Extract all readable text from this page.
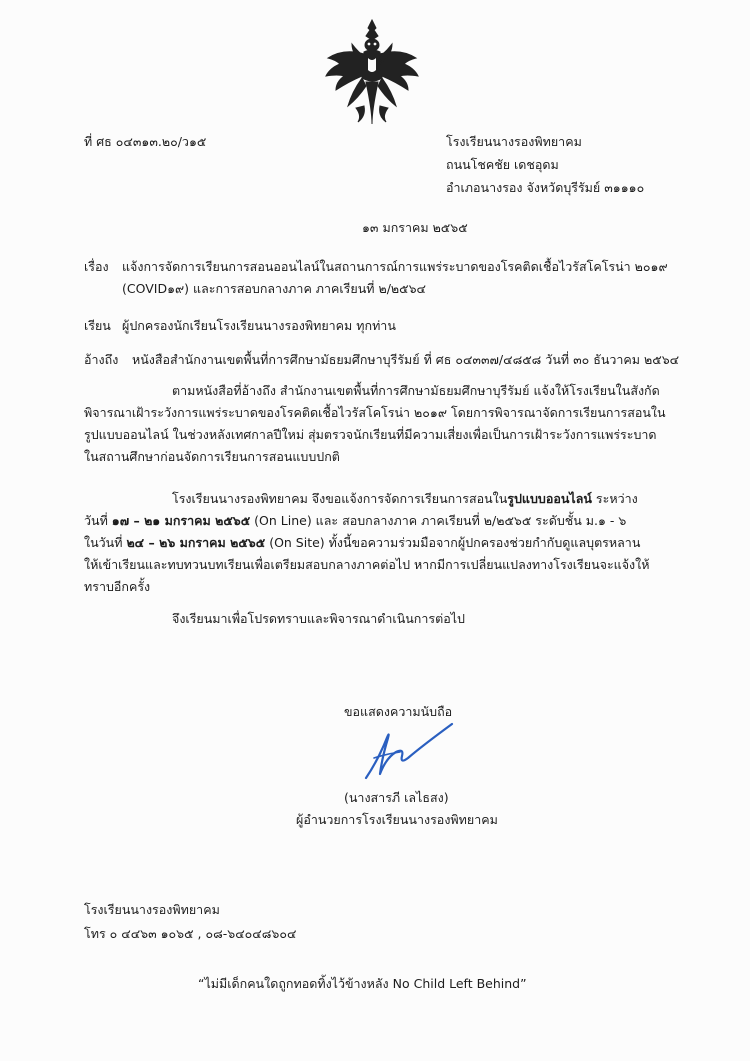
ที่ ศธ ๐๔๓๑๓.๒๐/ว๑๕	โรงเรียนนางรองพิทยาคม
ถนนโชคชัย เดชอุดม
อำเภอนางรอง จังหวัดบุรีรัมย์ ๓๑๑๑๐
๑๓ มกราคม ๒๕๖๕
เรื่อง แจ้งการจัดการเรียนการสอนออนไลน์ในสถานการณ์การแพร่ระบาดของโรคติดเชื้อไวรัสโคโรน่า ๒๐๑๙
(COVID๑๙) และการสอบกลางภาค ภาคเรียนที่ ๒/๒๕๖๔
เรียน ผู้ปกครองนักเรียนโรงเรียนนางรองพิทยาคม ทุกท่าน
อ้างถึง หนังสือสำนักงานเขตพื้นที่การศึกษามัธยมศึกษาบุรีรัมย์ ที่ ศธ ๐๔๓๓๗/๔๘๕๘ วันที่ ๓๐ ธันวาคม ๒๕๖๔
ตามหนังสือที่อ้างถึง สำนักงานเขตพื้นที่การศึกษามัธยมศึกษาบุรีรัมย์ แจ้งให้โรงเรียนในสังกัด
พิจารณาเฝ้าระวังการแพร่ระบาดของโรคติดเชื้อไวรัสโคโรน่า ๒๐๑๙ โดยการพิจารณาจัดการเรียนการสอนใน
รูปแบบออนไลน์ ในช่วงหลังเทศกาลปีใหม่ สุ่มตรวจนักเรียนที่มีความเสี่ยงเพื่อเป็นการเฝ้าระวังการแพร่ระบาด
ในสถานศึกษาก่อนจัดการเรียนการสอนแบบปกติ
โรงเรียนนางรองพิทยาคม จึงขอแจ้งการจัดการเรียนการสอนในรูปแบบออนไลน์ ระหว่าง
วันที่ ๑๗ – ๒๑ มกราคม ๒๕๖๕ (On Line) และ สอบกลางภาค ภาคเรียนที่ ๒/๒๕๖๕ ระดับชั้น ม.๑ - ๖
ในวันที่ ๒๔ – ๒๖ มกราคม ๒๕๖๕ (On Site) ทั้งนี้ขอความร่วมมือจากผู้ปกครองช่วยกำกับดูแลบุตรหลาน
ให้เข้าเรียนและทบทวนบทเรียนเพื่อเตรียมสอบกลางภาคต่อไป หากมีการเปลี่ยนแปลงทางโรงเรียนจะแจ้งให้
ทราบอีกครั้ง
จึงเรียนมาเพื่อโปรดทราบและพิจารณาดำเนินการต่อไป
ขอแสดงความนับถือ
(นางสารภี เลไธสง)
ผู้อำนวยการโรงเรียนนางรองพิทยาคม
โรงเรียนนางรองพิทยาคม
โทร ๐ ๔๔๖๓ ๑๐๖๕ , ๐๘-๖๔๐๔๘๖๐๔
“ไม่มีเด็กคนใดถูกทอดทิ้งไว้ข้างหลัง No Child Left Behind”
